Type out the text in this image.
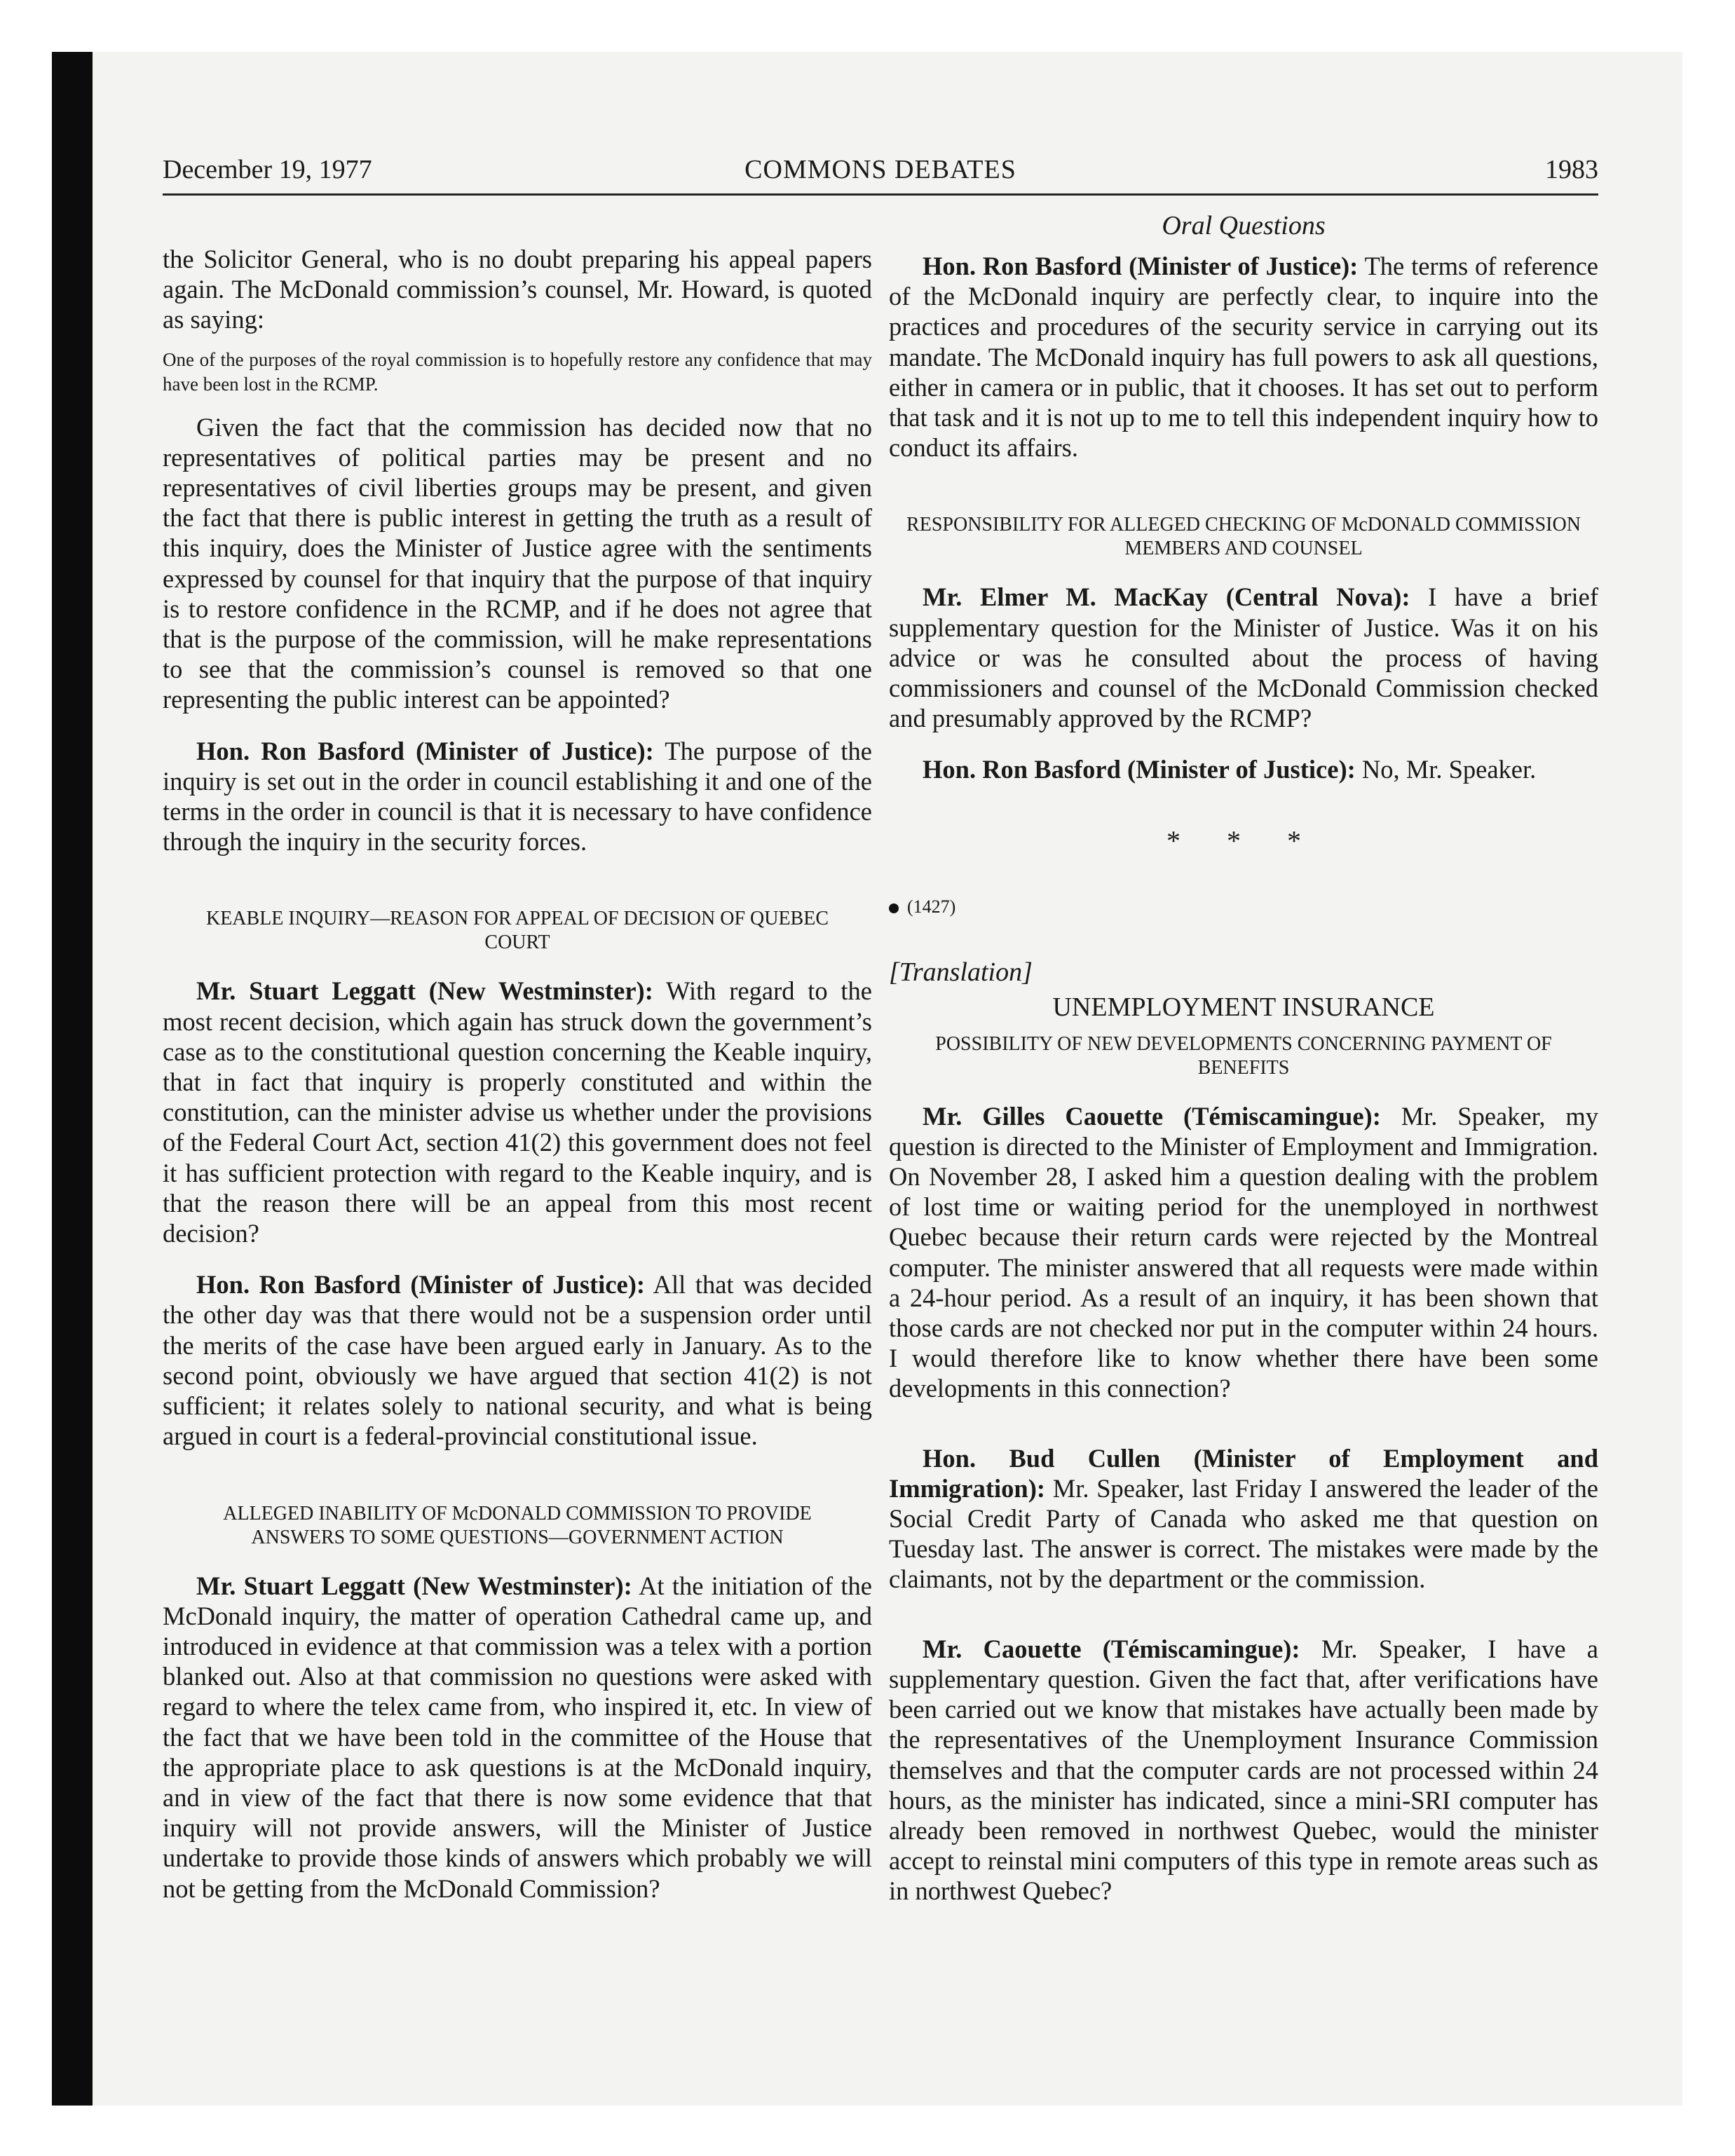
December 19, 1977	COMMONS DEBATES	1983

the Solicitor General, who is no doubt preparing his appeal papers again. The McDonald commission’s counsel, Mr. Howard, is quoted as saying:

One of the purposes of the royal commission is to hopefully restore any confidence that may have been lost in the RCMP.

Given the fact that the commission has decided now that no representatives of political parties may be present and no representatives of civil liberties groups may be present, and given the fact that there is public interest in getting the truth as a result of this inquiry, does the Minister of Justice agree with the sentiments expressed by counsel for that inquiry that the purpose of that inquiry is to restore confidence in the RCMP, and if he does not agree that that is the purpose of the commission, will he make representations to see that the commission’s counsel is removed so that one representing the public interest can be appointed?

Hon. Ron Basford (Minister of Justice): The purpose of the inquiry is set out in the order in council establishing it and one of the terms in the order in council is that it is necessary to have confidence through the inquiry in the security forces.

KEABLE INQUIRY—REASON FOR APPEAL OF DECISION OF QUEBEC COURT

Mr. Stuart Leggatt (New Westminster): With regard to the most recent decision, which again has struck down the government’s case as to the constitutional question concerning the Keable inquiry, that in fact that inquiry is properly constituted and within the constitution, can the minister advise us whether under the provisions of the Federal Court Act, section 41(2) this government does not feel it has sufficient protection with regard to the Keable inquiry, and is that the reason there will be an appeal from this most recent decision?

Hon. Ron Basford (Minister of Justice): All that was decided the other day was that there would not be a suspension order until the merits of the case have been argued early in January. As to the second point, obviously we have argued that section 41(2) is not sufficient; it relates solely to national security, and what is being argued in court is a federal-provincial constitutional issue.

ALLEGED INABILITY OF McDONALD COMMISSION TO PROVIDE ANSWERS TO SOME QUESTIONS—GOVERNMENT ACTION

Mr. Stuart Leggatt (New Westminster): At the initiation of the McDonald inquiry, the matter of operation Cathedral came up, and introduced in evidence at that commission was a telex with a portion blanked out. Also at that commission no questions were asked with regard to where the telex came from, who inspired it, etc. In view of the fact that we have been told in the committee of the House that the appropriate place to ask questions is at the McDonald inquiry, and in view of the fact that there is now some evidence that that inquiry will not provide answers, will the Minister of Justice undertake to provide those kinds of answers which probably we will not be getting from the McDonald Commission?

Oral Questions

Hon. Ron Basford (Minister of Justice): The terms of reference of the McDonald inquiry are perfectly clear, to inquire into the practices and procedures of the security service in carrying out its mandate. The McDonald inquiry has full powers to ask all questions, either in camera or in public, that it chooses. It has set out to perform that task and it is not up to me to tell this independent inquiry how to conduct its affairs.

RESPONSIBILITY FOR ALLEGED CHECKING OF McDONALD COMMISSION MEMBERS AND COUNSEL

Mr. Elmer M. MacKay (Central Nova): I have a brief supplementary question for the Minister of Justice. Was it on his advice or was he consulted about the process of having commissioners and counsel of the McDonald Commission checked and presumably approved by the RCMP?

Hon. Ron Basford (Minister of Justice): No, Mr. Speaker.

* * *
(1427)
[Translation]
UNEMPLOYMENT INSURANCE
POSSIBILITY OF NEW DEVELOPMENTS CONCERNING PAYMENT OF BENEFITS

Mr. Gilles Caouette (Témiscamingue): Mr. Speaker, my question is directed to the Minister of Employment and Immigration. On November 28, I asked him a question dealing with the problem of lost time or waiting period for the unemployed in northwest Quebec because their return cards were rejected by the Montreal computer. The minister answered that all requests were made within a 24-hour period. As a result of an inquiry, it has been shown that those cards are not checked nor put in the computer within 24 hours. I would therefore like to know whether there have been some developments in this connection?

Hon. Bud Cullen (Minister of Employment and Immigration): Mr. Speaker, last Friday I answered the leader of the Social Credit Party of Canada who asked me that question on Tuesday last. The answer is correct. The mistakes were made by the claimants, not by the department or the commission.

Mr. Caouette (Témiscamingue): Mr. Speaker, I have a supplementary question. Given the fact that, after verifications have been carried out we know that mistakes have actually been made by the representatives of the Unemployment Insurance Commission themselves and that the computer cards are not processed within 24 hours, as the minister has indicated, since a mini-SRI computer has already been removed in northwest Quebec, would the minister accept to reinstal mini computers of this type in remote areas such as in northwest Quebec?
